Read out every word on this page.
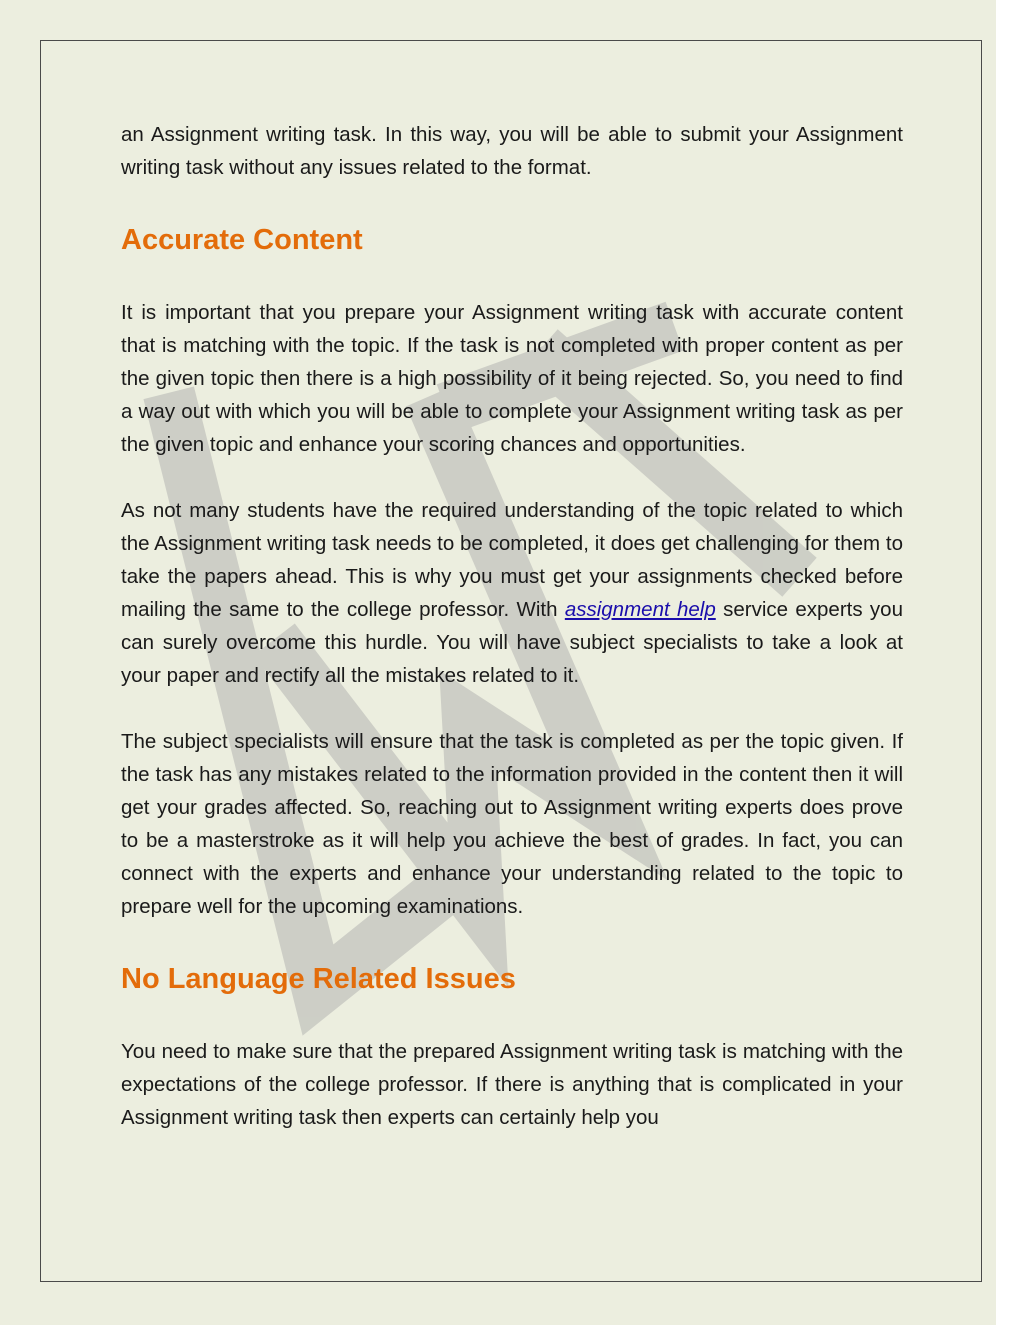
an Assignment writing task. In this way, you will be able to submit your Assignment writing task without any issues related to the format.

Accurate Content

It is important that you prepare your Assignment writing task with accurate content that is matching with the topic. If the task is not completed with proper content as per the given topic then there is a high possibility of it being rejected. So, you need to find a way out with which you will be able to complete your Assignment writing task as per the given topic and enhance your scoring chances and opportunities.

As not many students have the required understanding of the topic related to which the Assignment writing task needs to be completed, it does get challenging for them to take the papers ahead. This is why you must get your assignments checked before mailing the same to the college professor. With assignment help service experts you can surely overcome this hurdle. You will have subject specialists to take a look at your paper and rectify all the mistakes related to it.

The subject specialists will ensure that the task is completed as per the topic given. If the task has any mistakes related to the information provided in the content then it will get your grades affected. So, reaching out to Assignment writing experts does prove to be a masterstroke as it will help you achieve the best of grades. In fact, you can connect with the experts and enhance your understanding related to the topic to prepare well for the upcoming examinations.

No Language Related Issues

You need to make sure that the prepared Assignment writing task is matching with the expectations of the college professor. If there is anything that is complicated in your Assignment writing task then experts can certainly help you
